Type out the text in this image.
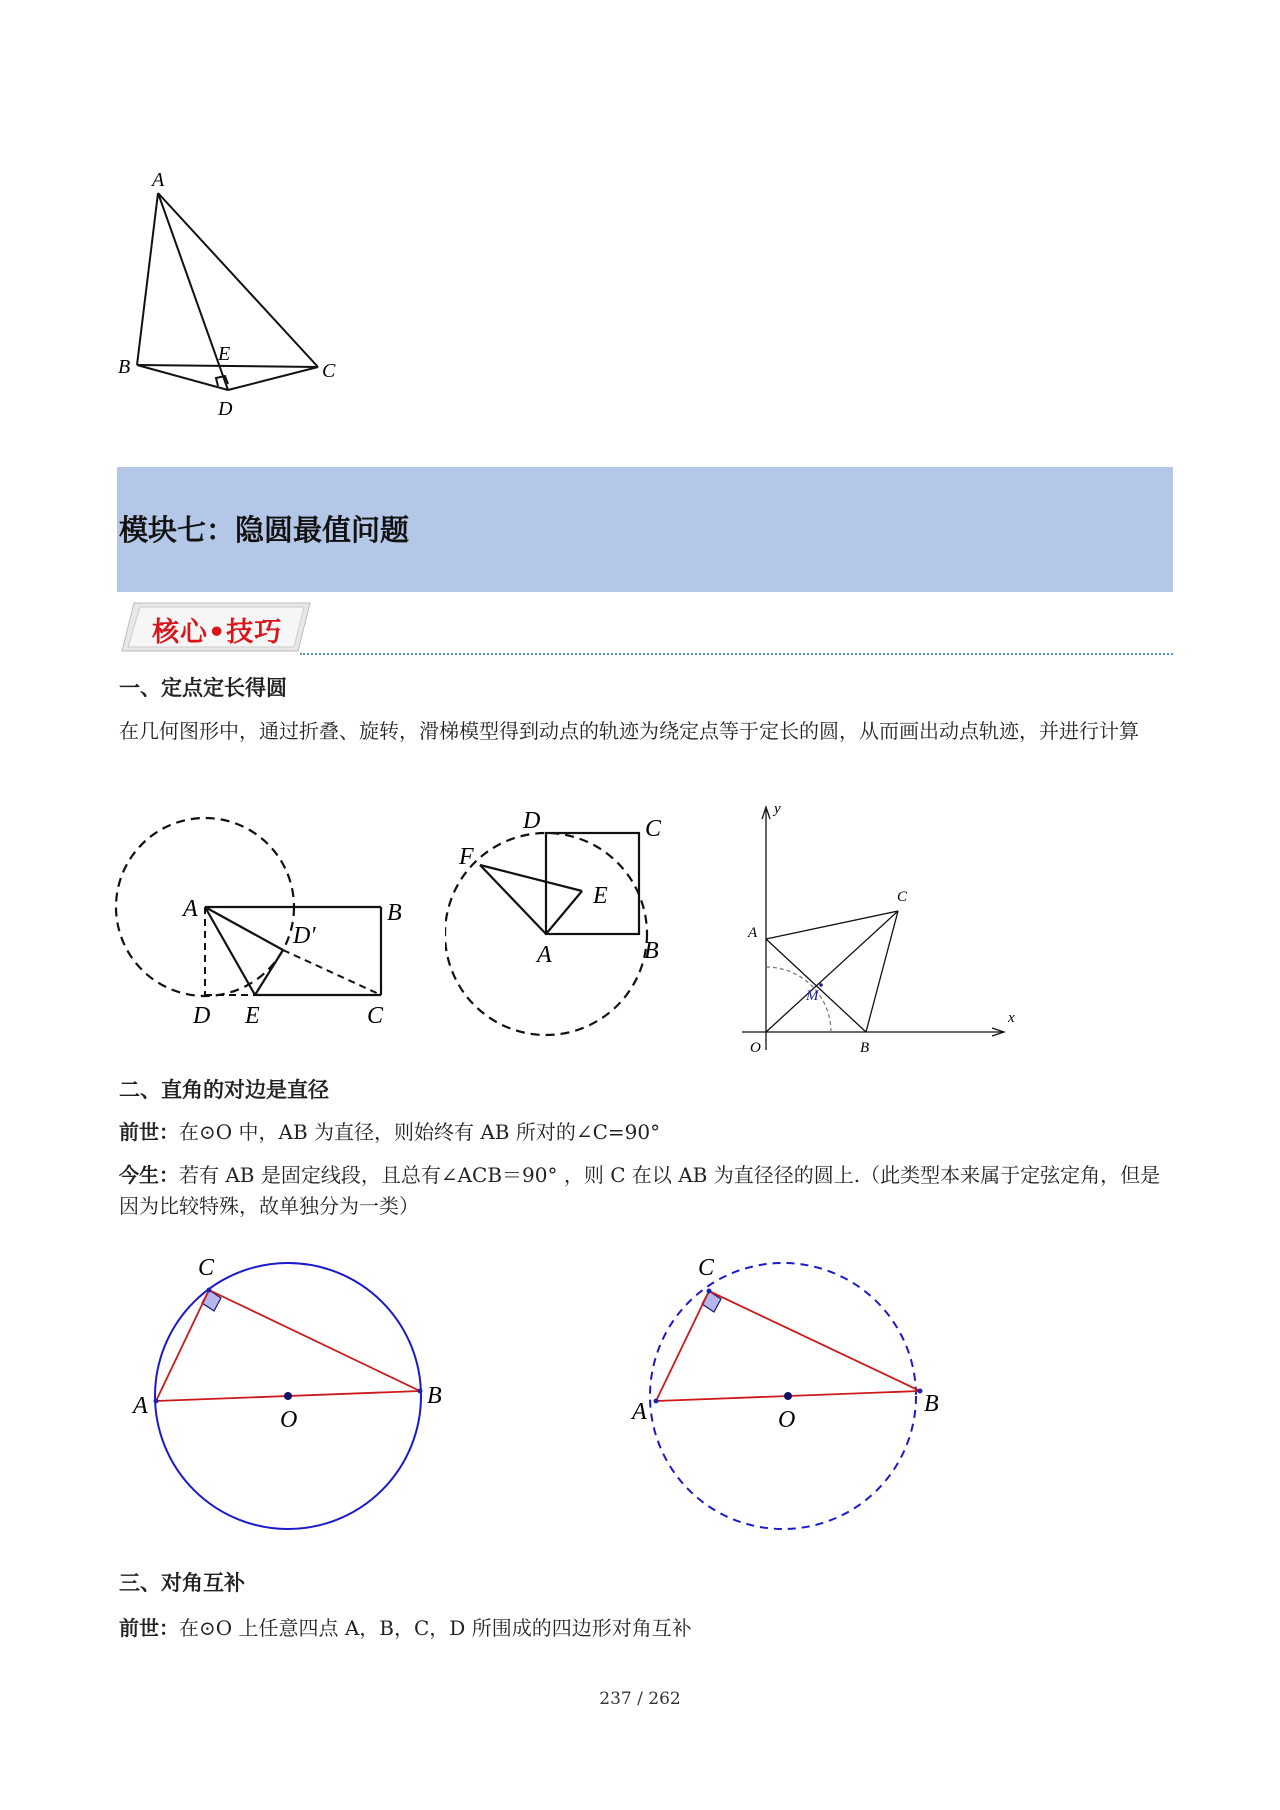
A
B	C
D
E
模块七：隐圆最值问题
核心•技巧
一、定点定长得圆
在几何图形中，通过折叠、旋转，滑梯模型得到动点的轨迹为绕定点等于定长的圆，从而画出动点轨迹，并进行计算
A	B
C
D E
D′
D	C
F
E
A	B
y
x
O
A
B
C
M
二、直角的对边是直径
前世：在⊙O 中，AB 为直径，则始终有 AB 所对的∠C=90°
今生：若有 AB 是固定线段，且总有∠ACB＝90° ，则 C 在以 AB 为直径径的圆上.（此类型本来属于定弦定角，但是因为比较特殊，故单独分为一类）
C
A
O
B
C
A	O
B
三、对角互补
前世：在⊙O 上任意四点 A，B，C，D 所围成的四边形对角互补
237 / 262
